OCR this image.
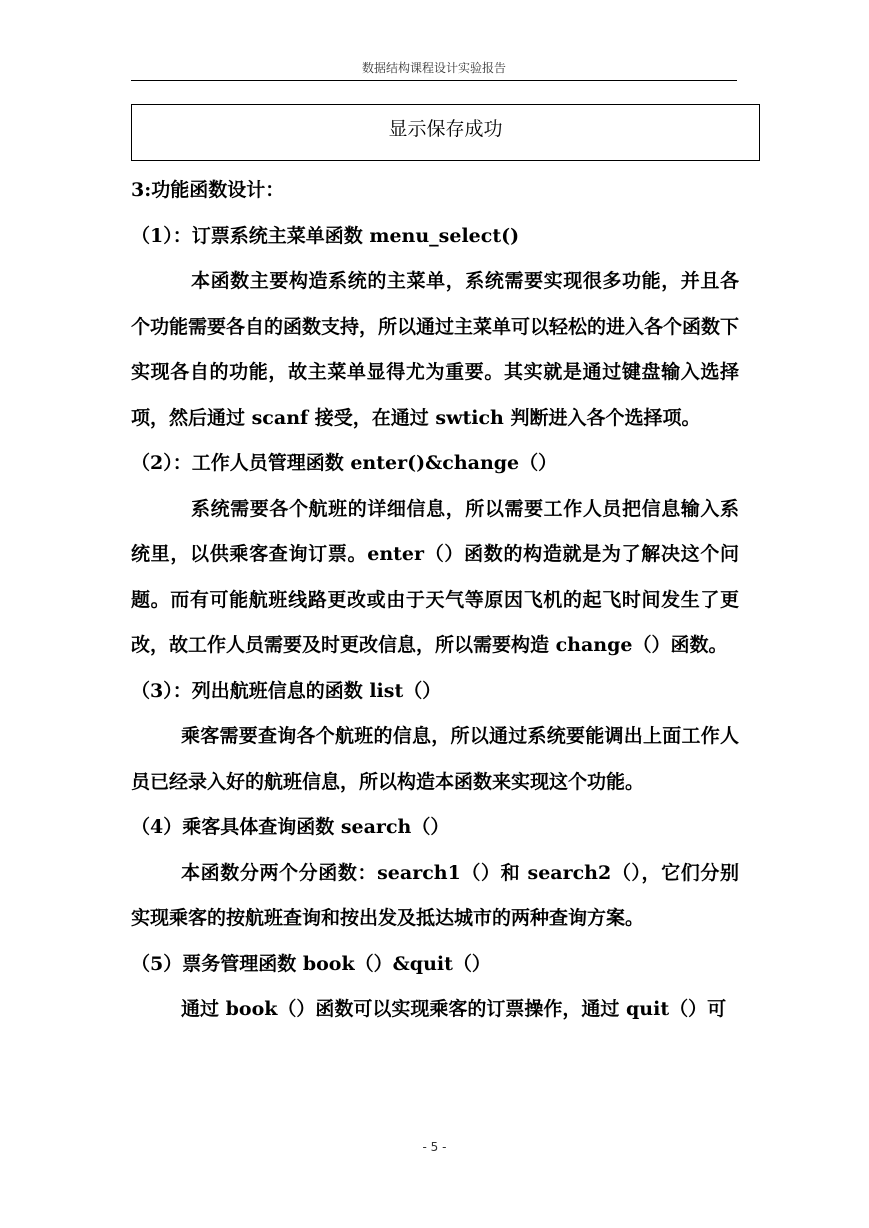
数据结构课程设计实验报告
显示保存成功

3:功能函数设计：

（1）：订票系统主菜单函数 menu_select()

本函数主要构造系统的主菜单，系统需要实现很多功能，并且各个功能需要各自的函数支持，所以通过主菜单可以轻松的进入各个函数下实现各自的功能，故主菜单显得尤为重要。其实就是通过键盘输入选择项，然后通过 scanf 接受，在通过 swtich 判断进入各个选择项。

（2）：工作人员管理函数 enter()&change（）

系统需要各个航班的详细信息，所以需要工作人员把信息输入系统里，以供乘客查询订票。enter（）函数的构造就是为了解决这个问题。而有可能航班线路更改或由于天气等原因飞机的起飞时间发生了更改，故工作人员需要及时更改信息，所以需要构造 change（）函数。

（3）：列出航班信息的函数 list（）

乘客需要查询各个航班的信息，所以通过系统要能调出上面工作人员已经录入好的航班信息，所以构造本函数来实现这个功能。

（4）乘客具体查询函数 search（）

本函数分两个分函数：search1（）和 search2（），它们分别实现乘客的按航班查询和按出发及抵达城市的两种查询方案。

（5）票务管理函数 book（）&quit（）

通过 book（）函数可以实现乘客的订票操作，通过 quit（）可

- 5 -
